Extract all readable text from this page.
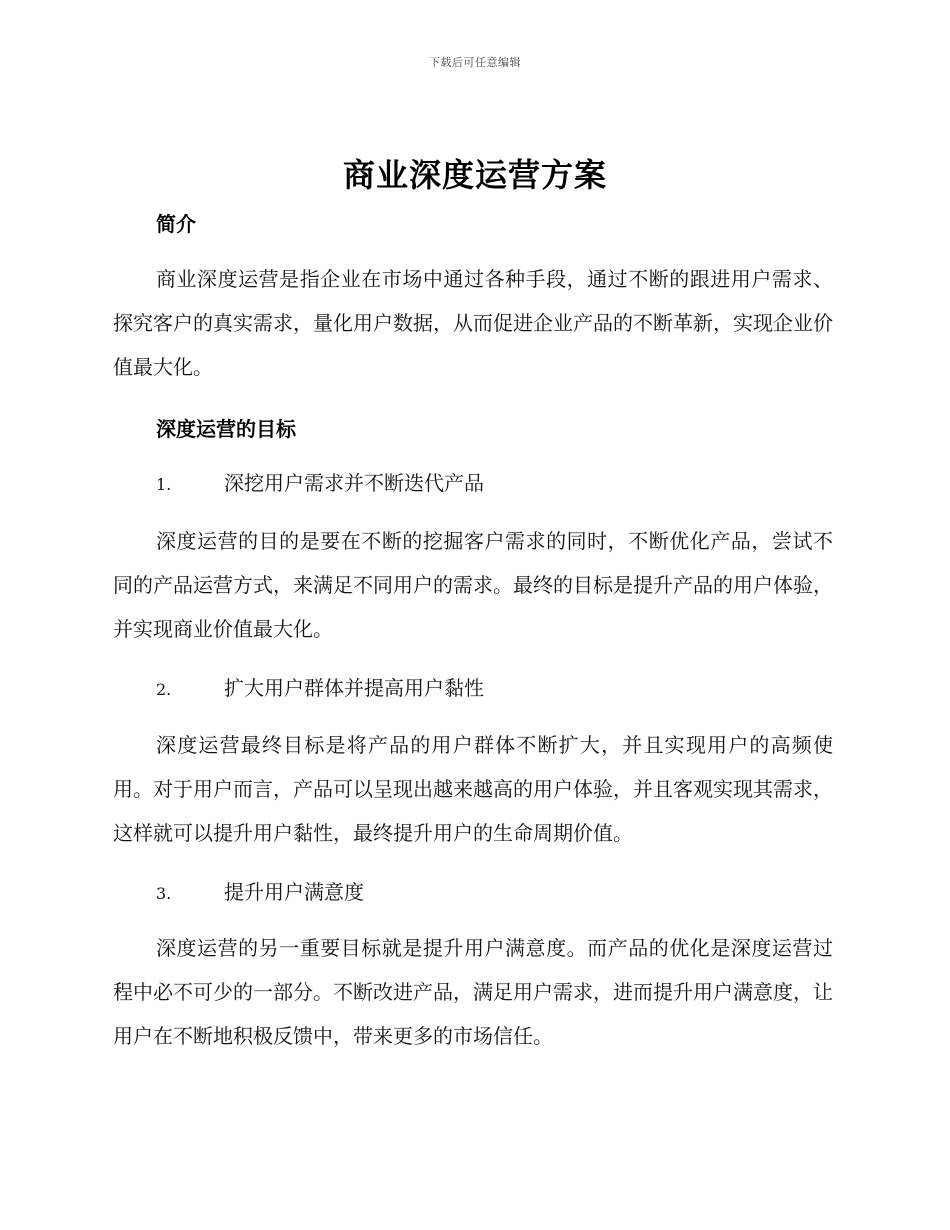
下载后可任意编辑
商业深度运营方案
简介
商业深度运营是指企业在市场中通过各种手段，通过不断的跟进用户需求、探究客户的真实需求，量化用户数据，从而促进企业产品的不断革新，实现企业价值最大化。
深度运营的目标
1.	深挖用户需求并不断迭代产品
深度运营的目的是要在不断的挖掘客户需求的同时，不断优化产品，尝试不同的产品运营方式，来满足不同用户的需求。最终的目标是提升产品的用户体验，并实现商业价值最大化。
2.	扩大用户群体并提高用户黏性
深度运营最终目标是将产品的用户群体不断扩大，并且实现用户的高频使用。对于用户而言，产品可以呈现出越来越高的用户体验，并且客观实现其需求，这样就可以提升用户黏性，最终提升用户的生命周期价值。
3.	提升用户满意度
深度运营的另一重要目标就是提升用户满意度。而产品的优化是深度运营过程中必不可少的一部分。不断改进产品，满足用户需求，进而提升用户满意度，让用户在不断地积极反馈中，带来更多的市场信任。
